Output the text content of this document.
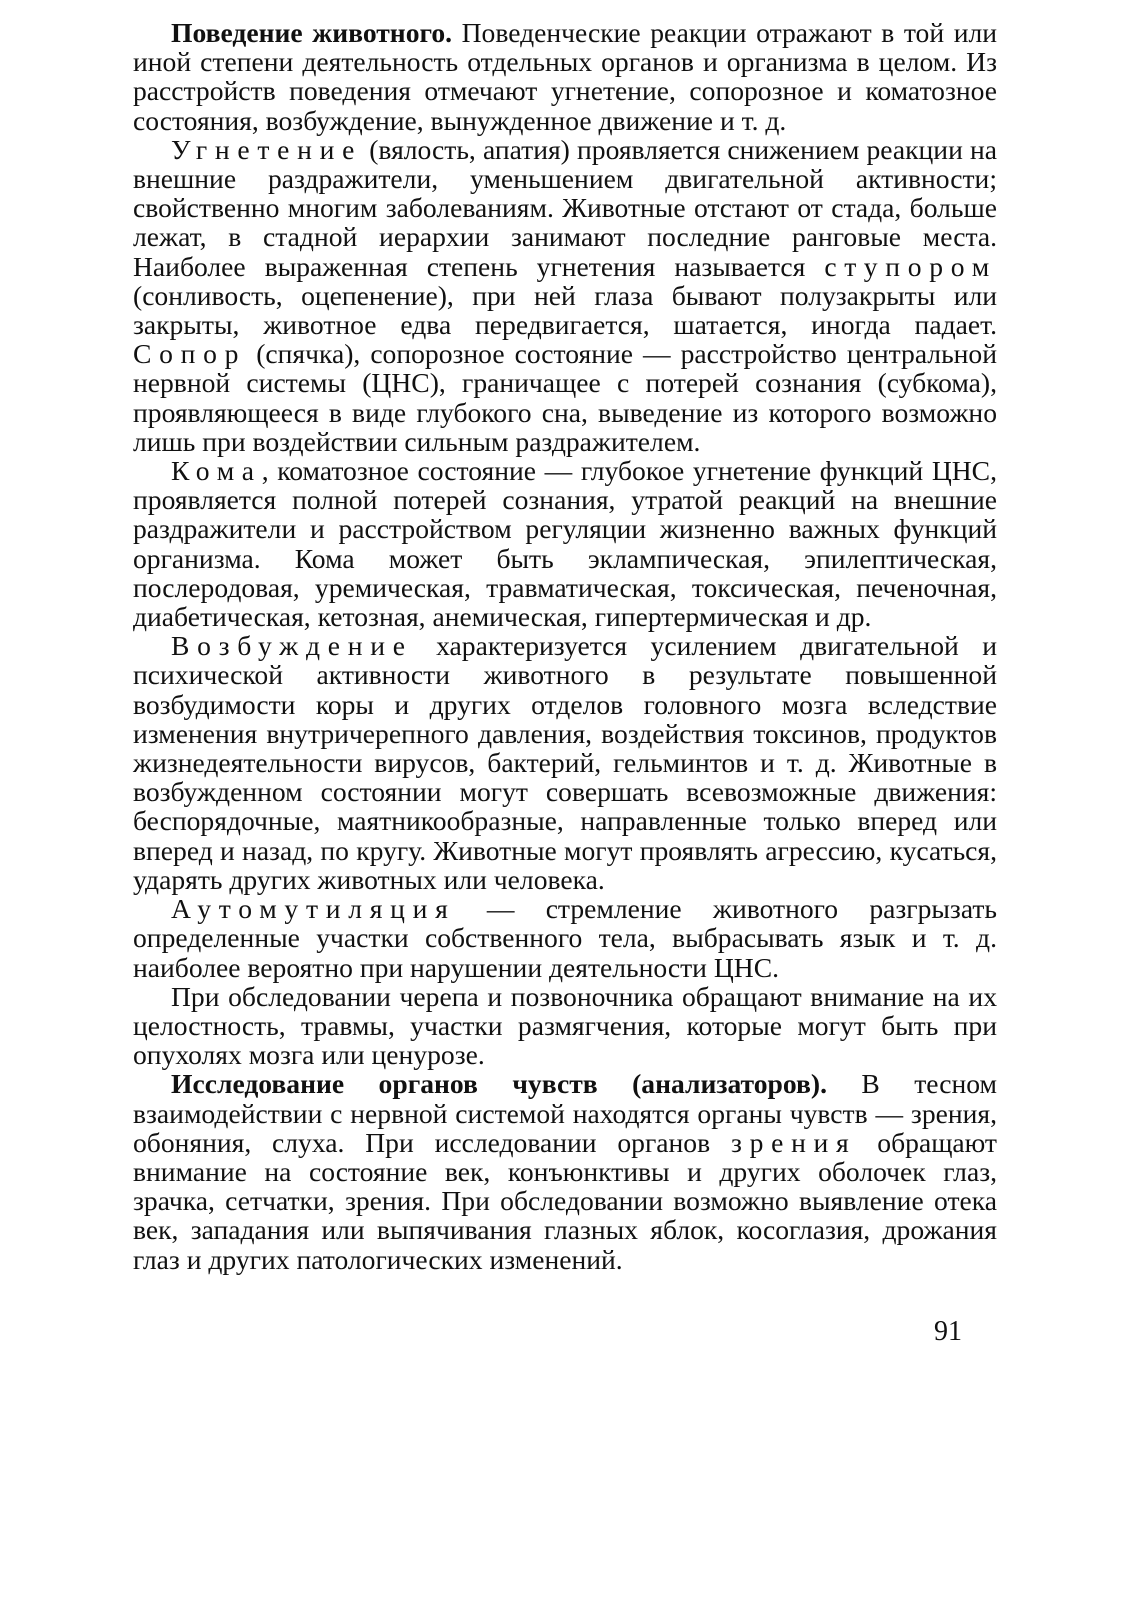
Поведение животного. Поведенческие реакции отражают в той или иной степени деятельность отдельных органов и организма в целом. Из расстройств поведения отмечают угнетение, сопорозное и коматозное состояния, возбуждение, вынужденное движение и т. д.

Угнетение (вялость, апатия) проявляется снижением реакции на внешние раздражители, уменьшением двигательной активности; свойственно многим заболеваниям. Животные отстают от стада, больше лежат, в стадной иерархии занимают последние ранговые места. Наиболее выраженная степень угнетения называется ступором (сонливость, оцепенение), при ней глаза бывают полузакрыты или закрыты, животное едва передвигается, шатается, иногда падает. Сопор (спячка), сопорозное состояние — расстройство центральной нервной системы (ЦНС), граничащее с потерей сознания (субкома), проявляющееся в виде глубокого сна, выведение из которого возможно лишь при воздействии сильным раздражителем.

Кома, коматозное состояние — глубокое угнетение функций ЦНС, проявляется полной потерей сознания, утратой реакций на внешние раздражители и расстройством регуляции жизненно важных функций организма. Кома может быть эклампическая, эпилептическая, послеродовая, уремическая, травматическая, токсическая, печеночная, диабетическая, кетозная, анемическая, гипертермическая и др.

Возбуждение характеризуется усилением двигательной и психической активности животного в результате повышенной возбудимости коры и других отделов головного мозга вследствие изменения внутричерепного давления, воздействия токсинов, продуктов жизнедеятельности вирусов, бактерий, гельминтов и т. д. Животные в возбужденном состоянии могут совершать всевозможные движения: беспорядочные, маятникообразные, направленные только вперед или вперед и назад, по кругу. Животные могут проявлять агрессию, кусаться, ударять других животных или человека.

Аутомутиляция — стремление животного разгрызать определенные участки собственного тела, выбрасывать язык и т. д. наиболее вероятно при нарушении деятельности ЦНС.

При обследовании черепа и позвоночника обращают внимание на их целостность, травмы, участки размягчения, которые могут быть при опухолях мозга или ценурозе.

Исследование органов чувств (анализаторов). В тесном взаимодействии с нервной системой находятся органы чувств — зрения, обоняния, слуха. При исследовании органов зрения обращают внимание на состояние век, конъюнктивы и других оболочек глаз, зрачка, сетчатки, зрения. При обследовании возможно выявление отека век, западания или выпячивания глазных яблок, косоглазия, дрожания глаз и других патологических изменений.

91
